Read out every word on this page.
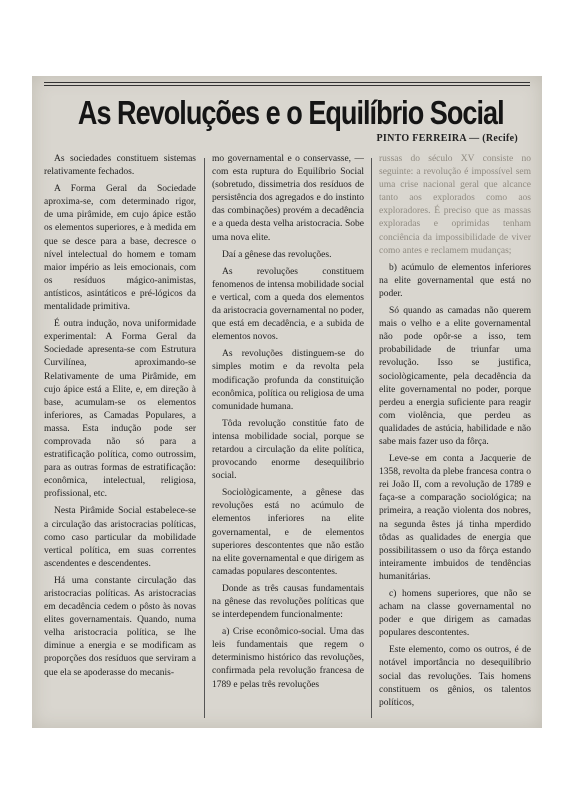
As Revoluções e o Equilíbrio Social
PINTO FERREIRA — (Recife)

As sociedades constituem sistemas relativamente fechados.

A Forma Geral da Sociedade aproxima-se, com determinado rigor, de uma pirâmide, em cujo ápice estão os elementos superiores, e à medida em que se desce para a base, decresce o nível intelectual do homem e tomam maior império as leis emocionais, com os resíduos mágico-animistas, antísticos, asintáticos e pré-lógicos da mentalidade primitiva.

É outra indução, nova uniformidade experimental: A Forma Geral da Sociedade apresenta-se com Estrutura Curvilínea, aproximando-se Relativamente de uma Pirâmide, em cujo ápice está a Elite, e, em direção à base, acumulam-se os elementos inferiores, as Camadas Populares, a massa. Esta indução pode ser comprovada não só para a estratificação política, como outrossim, para as outras formas de estratificação: econômica, intelectual, religiosa, profissional, etc.

Nesta Pirâmide Social estabelece-se a circulação das aristocracias políticas, como caso particular da mobilidade vertical política, em suas correntes ascendentes e descendentes.

Há uma constante circulação das aristocracias políticas. As aristocracias em decadência cedem o pôsto às novas elites governamentais. Quando, numa velha aristocracia política, se lhe diminue a energia e se modificam as proporções dos resíduos que serviram a que ela se apoderasse do mecanis-

mo governamental e o conservasse, — com esta ruptura do Equilíbrio Social (sobretudo, dissimetria dos resíduos de persistência dos agregados e do instinto das combinações) provém a decadência e a queda desta velha aristocracia. Sobe uma nova elite.

Daí a gênese das revoluções.

As revoluções constituem fenomenos de intensa mobilidade social e vertical, com a queda dos elementos da aristocracia governamental no poder, que está em decadência, e a subida de elementos novos.

As revoluções distinguem-se do simples motim e da revolta pela modificação profunda da constituição econômica, política ou religiosa de uma comunidade humana.

Tôda revolução constitúe fato de intensa mobilidade social, porque se retardou a circulação da elite política, provocando enorme desequilíbrio social.

Sociològicamente, a gênese das revoluções está no acúmulo de elementos inferiores na elite governamental, e de elementos superiores descontentes que não estão na elite governamental e que dirigem as camadas populares descontentes.

Donde as três causas fundamentais na gênese das revoluções políticas que se interdependem funcionalmente:

a) Crise econômico-social. Uma das leis fundamentais que regem o determinismo histórico das revoluções, confirmada pela revolução francesa de 1789 e pelas três revoluções

russas do século XV consiste no seguinte: a revolução é impossível sem uma crise nacional geral que alcance tanto aos explorados como aos exploradores. É preciso que as massas exploradas e oprimidas tenham conciência da impossibilidade de viver como antes e reclamem mudanças;

b) acúmulo de elementos inferiores na elite governamental que está no poder.

Só quando as camadas não querem mais o velho e a elite governamental não pode opôr-se a isso, tem probabilidade de triunfar uma revolução. Isso se justifica, sociològicamente, pela decadência da elite governamental no poder, porque perdeu a energia suficiente para reagir com violência, que perdeu as qualidades de astúcia, habilidade e não sabe mais fazer uso da fôrça.

Leve-se em conta a Jacquerie de 1358, revolta da plebe francesa contra o rei João II, com a revolução de 1789 e faça-se a comparação sociológica; na primeira, a reação violenta dos nobres, na segunda êstes já tinha mperdido tôdas as qualidades de energia que possibilitassem o uso da fôrça estando inteiramente imbuidos de tendências humanitárias.

c) homens superiores, que não se acham na classe governamental no poder e que dirigem as camadas populares descontentes.

Este elemento, como os outros, é de notável importância no desequilíbrio social das revoluções. Tais homens constituem os gênios, os talentos políticos,
